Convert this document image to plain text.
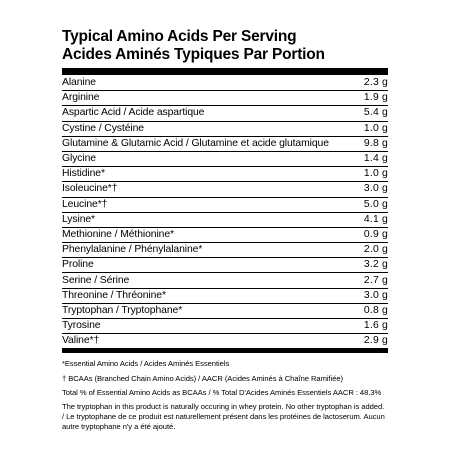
Typical Amino Acids Per Serving
Acides Aminés Typiques Par Portion
Alanine	2.3 g
Arginine	1.9 g
Aspartic Acid / Acide aspartique	5.4 g
Cystine / Cystéine	1.0 g
Glutamine & Glutamic Acid / Glutamine et acide glutamique	9.8 g
Glycine	1.4 g
Histidine*	1.0 g
Isoleucine*†	3.0 g
Leucine*†	5.0 g
Lysine*	4.1 g
Methionine / Méthionine*	0.9 g
Phenylalanine / Phénylalanine*	2.0 g
Proline	3.2 g
Serine / Sérine	2.7 g
Threonine / Thréonine*	3.0 g
Tryptophan / Tryptophane*	0.8 g
Tyrosine	1.6 g
Valine*†	2.9 g
*Essential Amino Acids / Acides Aminés Essentiels
† BCAAs (Branched Chain Amino Acids) / AACR (Acides Aminés à Chaîne Ramifiée)
Total % of Essential Amino Acids as BCAAs / % Total D'Acides Aminés Essentiels AACR : 48.3%
The tryptophan in this product is naturally occuring in whey protein. No other tryptophan is added. / Le tryptophane de ce produit est naturellement présent dans les protéines de lactoserum. Aucun autre tryptophane n'y a été ajouté.
